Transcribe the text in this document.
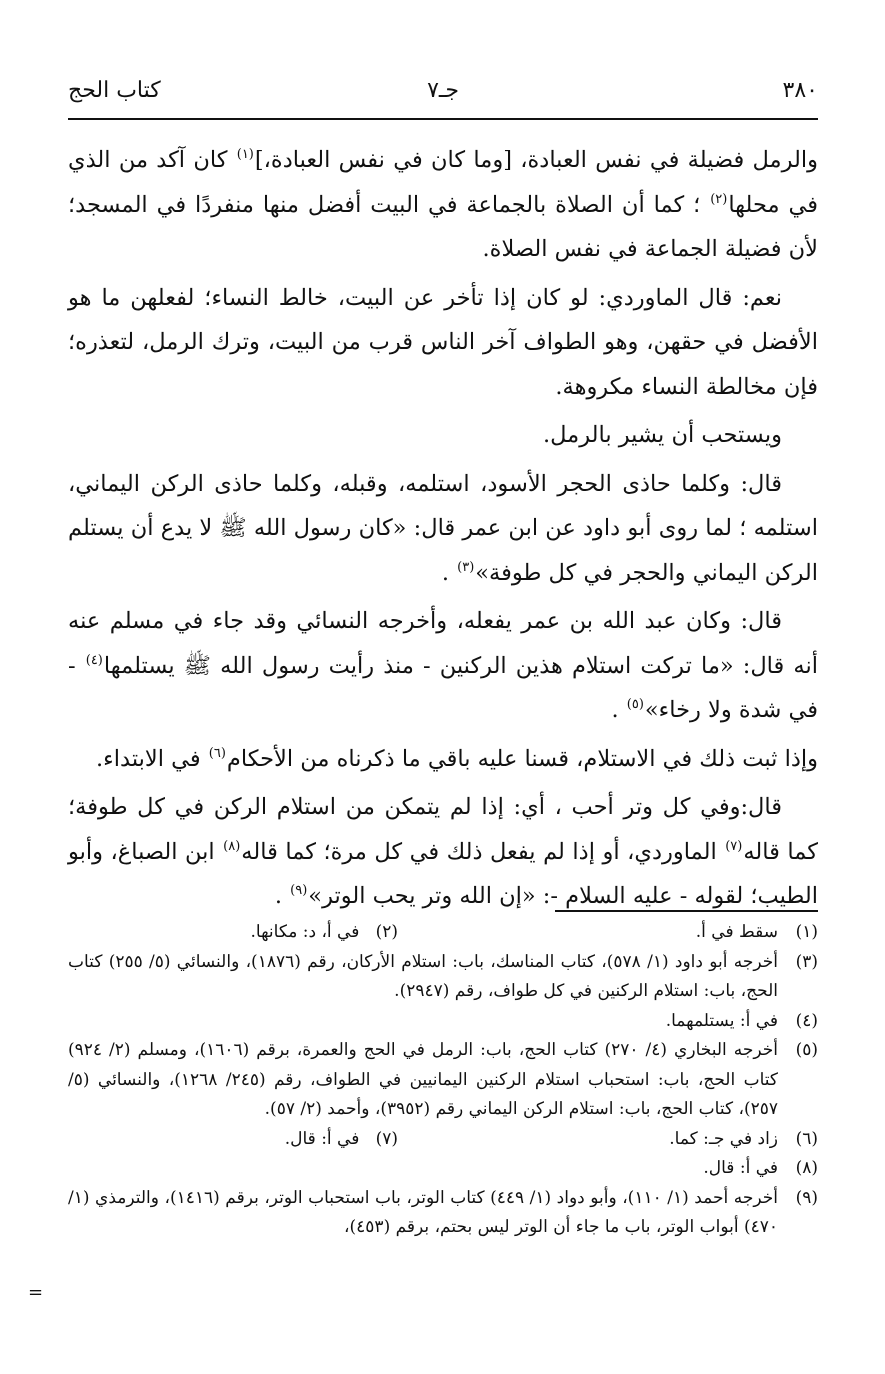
٣٨٠
جـ٧
كتاب الحج

والرمل فضيلة في نفس العبادة، [وما كان في نفس العبادة،]$^{(١)}$ كان آكد من الذي في محلها$^{(٢)}$ ؛ كما أن الصلاة بالجماعة في البيت أفضل منها منفردًا في المسجد؛ لأن فضيلة الجماعة في نفس الصلاة.

نعم: قال الماوردي: لو كان إذا تأخر عن البيت، خالط النساء؛ لفعلهن ما هو الأفضل في حقهن، وهو الطواف آخر الناس قرب من البيت، وترك الرمل، لتعذره؛ فإن مخالطة النساء مكروهة.

ويستحب أن يشير بالرمل.

قال: وكلما حاذى الحجر الأسود، استلمه، وقبله، وكلما حاذى الركن اليماني، استلمه ؛ لما روى أبو داود عن ابن عمر قال: «كان رسول الله ﷺ لا يدع أن يستلم الركن اليماني والحجر في كل طوفة»$^{(٣)}$ .

قال: وكان عبد الله بن عمر يفعله، وأخرجه النسائي وقد جاء في مسلم عنه أنه قال: «ما تركت استلام هذين الركنين - منذ رأيت رسول الله ﷺ يستلمها$^{(٤)}$ - في شدة ولا رخاء»$^{(٥)}$ .

وإذا ثبت ذلك في الاستلام، قسنا عليه باقي ما ذكرناه من الأحكام$^{(٦)}$ في الابتداء.

قال:وفي كل وتر أحب ، أي: إذا لم يتمكن من استلام الركن في كل طوفة؛ كما قاله$^{(٧)}$ الماوردي، أو إذا لم يفعل ذلك في كل مرة؛ كما قاله$^{(٨)}$ ابن الصباغ، وأبو الطيب؛ لقوله - عليه السلام -: «إن الله وتر يحب الوتر»$^{(٩)}$ .

(١)
سقط في أ.
(٢)

في أ، د: مكانها.
(٣)
أخرجه أبو داود (١/ ٥٧٨)، كتاب المناسك، باب: استلام الأركان، رقم (١٨٧٦)، والنسائي (٥/ ٢٥٥) كتاب الحج، باب: استلام الركنين في كل طواف، رقم (٢٩٤٧).
(٤)
في أ: يستلمهما.
(٥)
أخرجه البخاري (٤/ ٢٧٠) كتاب الحج، باب: الرمل في الحج والعمرة، برقم (١٦٠٦)، ومسلم (٢/ ٩٢٤) كتاب الحج، باب: استحباب استلام الركنين اليمانيين في الطواف، رقم (٢٤٥/ ١٢٦٨)، والنسائي (٥/ ٢٥٧)، كتاب الحج، باب: استلام الركن اليماني رقم (٣٩٥٢)، وأحمد (٢/ ٥٧).
(٦)
زاد في جـ: كما.
(٧)

في أ: قال.
(٨)
في أ: قال.
(٩)
أخرجه أحمد (١/ ١١٠)، وأبو دواد (١/ ٤٤٩) كتاب الوتر، باب استحباب الوتر، برقم (١٤١٦)، والترمذي (١/ ٤٧٠) أبواب الوتر، باب ما جاء أن الوتر ليس بحتم، برقم (٤٥٣)،
=
